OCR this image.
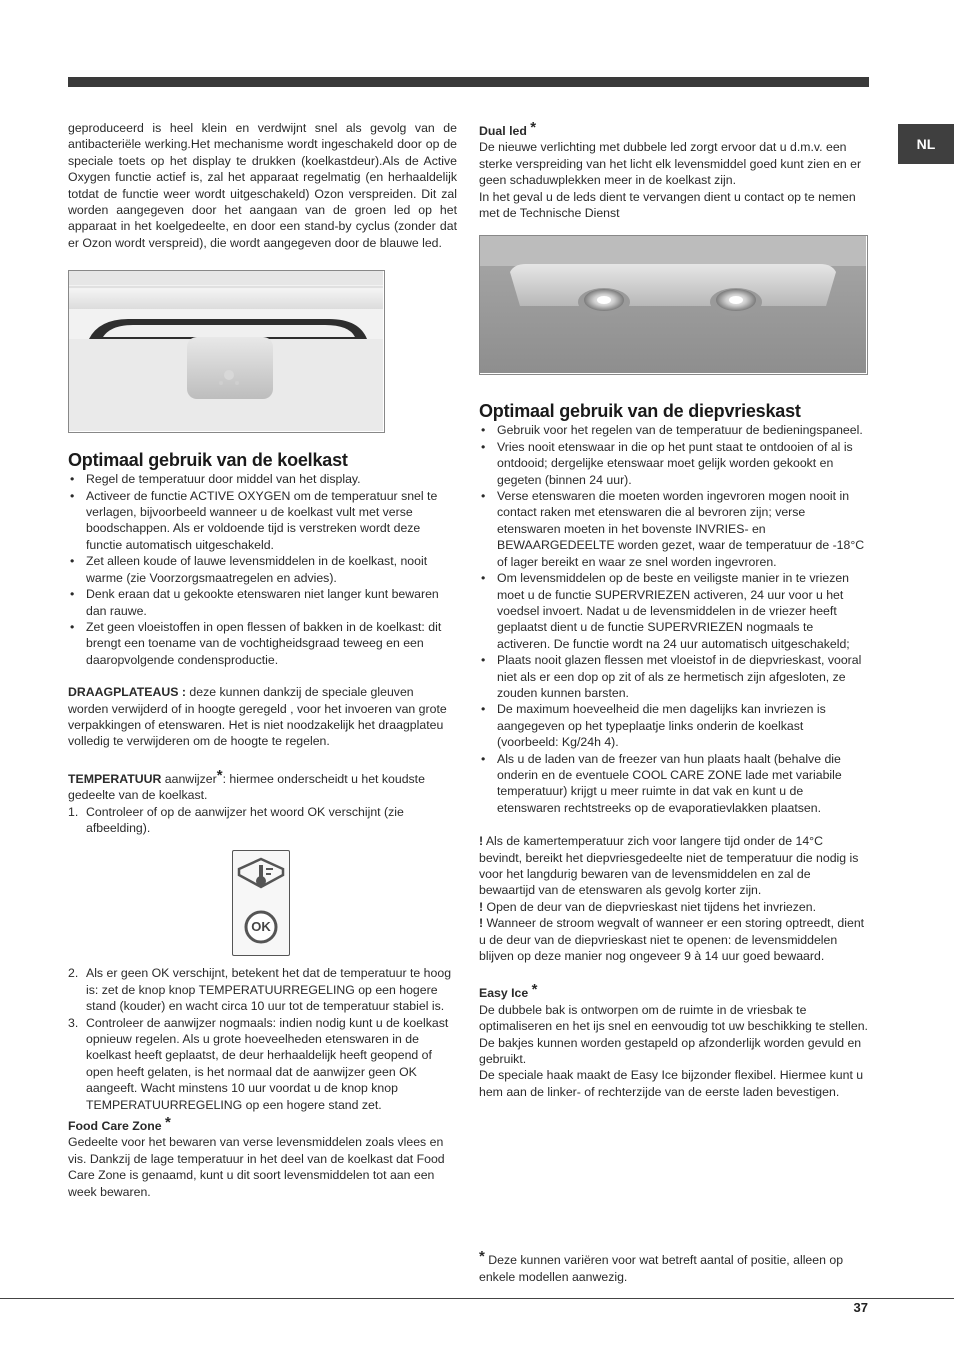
NL

geproduceerd is heel klein en verdwijnt snel als gevolg van de antibacteriële werking.Het mechanisme wordt ingeschakeld door op de speciale toets op het display te drukken (koelkastdeur).Als de Active Oxygen functie actief is, zal het apparaat regelmatig (en herhaaldelijk totdat de functie weer wordt uitgeschakeld) Ozon verspreiden. Dit zal worden aangegeven door het aangaan van de groen led op het apparaat in het koelgedeelte, en door een stand-by cyclus (zonder dat er Ozon wordt verspreid), die wordt aangegeven door de blauwe led.

Optimaal gebruik van de koelkast
• Regel de temperatuur door middel van het display.
• Activeer de functie ACTIVE OXYGEN om de temperatuur snel te verlagen, bijvoorbeeld wanneer u de koelkast vult met verse boodschappen. Als er voldoende tijd is verstreken wordt deze functie automatisch uitgeschakeld.
• Zet alleen koude of lauwe levensmiddelen in de koelkast, nooit warme (zie Voorzorgsmaatregelen en advies).
• Denk eraan dat u gekookte etenswaren niet langer kunt bewaren dan rauwe.
• Zet geen vloeistoffen in open flessen of bakken in de koelkast: dit brengt een toename van de vochtigheidsgraad teweeg en een daaropvolgende condensproductie.

DRAAGPLATEAUS : deze kunnen dankzij de speciale gleuven worden verwijderd of in hoogte geregeld , voor het invoeren van grote verpakkingen of etenswaren. Het is niet noodzakelijk het draagplateu volledig te verwijderen om de hoogte te regelen.

TEMPERATUUR aanwijzer*: hiermee onderscheidt u het koudste gedeelte van de koelkast.

1. Controleer of op de aanwijzer het woord OK verschijnt (zie afbeelding).
OK
2. Als er geen OK verschijnt, betekent het dat de temperatuur te hoog is: zet de knop knop TEMPERATUURREGELING op een hogere stand (kouder) en wacht circa 10 uur tot de temperatuur stabiel is.
3. Controleer de aanwijzer nogmaals: indien nodig kunt u de koelkast opnieuw regelen. Als u grote hoeveelheden etenswaren in de koelkast heeft geplaatst, de deur herhaaldelijk heeft geopend of open heeft gelaten, is het normaal dat de aanwijzer geen OK aangeeft. Wacht minstens 10 uur voordat u de knop knop TEMPERATUURREGELING op een hogere stand zet.

Food Care Zone *

Gedeelte voor het bewaren van verse levensmiddelen zoals vlees en vis. Dankzij de lage temperatuur in het deel van de koelkast dat Food Care Zone is genaamd, kunt u dit soort levensmiddelen tot aan een week bewaren.

Dual led *

De nieuwe verlichting met dubbele led zorgt ervoor dat u d.m.v. een sterke verspreiding van het licht elk levensmiddel goed kunt zien en er geen schaduwplekken meer in de koelkast zijn.

In het geval u de leds dient te vervangen dient u contact op te nemen met de Technische Dienst

Optimaal gebruik van de diepvrieskast
• Gebruik voor het regelen van de temperatuur de bedieningspaneel.
• Vries nooit etenswaar in die op het punt staat te ontdooien of al is ontdooid; dergelijke etenswaar moet gelijk worden gekookt en gegeten (binnen 24 uur).
• Verse etenswaren die moeten worden ingevroren mogen nooit in contact raken met etenswaren die al bevroren zijn; verse etenswaren moeten in het bovenste INVRIES- en BEWAARGEDEELTE worden gezet, waar de temperatuur de -18°C of lager bereikt en waar ze snel worden ingevroren.
• Om levensmiddelen op de beste en veiligste manier in te vriezen moet u de functie SUPERVRIEZEN activeren, 24 uur voor u het voedsel invoert. Nadat u de levensmiddelen in de vriezer heeft geplaatst dient u de functie SUPERVRIEZEN nogmaals te activeren. De functie wordt na 24 uur automatisch uitgeschakeld;
• Plaats nooit glazen flessen met vloeistof in de diepvrieskast, vooral niet als er een dop op zit of als ze hermetisch zijn afgesloten, ze zouden kunnen barsten.
• De maximum hoeveelheid die men dagelijks kan invriezen is aangegeven op het typeplaatje links onderin de koelkast (voorbeeld: Kg/24h 4).
• Als u de laden van de freezer van hun plaats haalt (behalve die onderin en de eventuele COOL CARE ZONE lade met variabile temperatuur) krijgt u meer ruimte in dat vak en kunt u de etenswaren rechtstreeks op de evaporatievlakken plaatsen.

! Als de kamertemperatuur zich voor langere tijd onder de 14°C bevindt, bereikt het diepvriesgedeelte niet de temperatuur die nodig is voor het langdurig bewaren van de levensmiddelen en zal de bewaartijd van de etenswaren als gevolg korter zijn.

! Open de deur van de diepvrieskast niet tijdens het invriezen.

! Wanneer de stroom wegvalt of wanneer er een storing optreedt, dient u de deur van de diepvrieskast niet te openen: de levensmiddelen blijven op deze manier nog ongeveer 9 à 14 uur goed bewaard.

Easy Ice *

De dubbele bak is ontworpen om de ruimte in de vriesbak te optimaliseren en het ijs snel en eenvoudig tot uw beschikking te stellen. De bakjes kunnen worden gestapeld op afzonderlijk worden gevuld en gebruikt.

De speciale haak maakt de Easy Ice bijzonder flexibel. Hiermee kunt u hem aan de linker- of rechterzijde van de eerste laden bevestigen.

* Deze kunnen variëren voor wat betreft aantal of positie, alleen op enkele modellen aanwezig.

37
